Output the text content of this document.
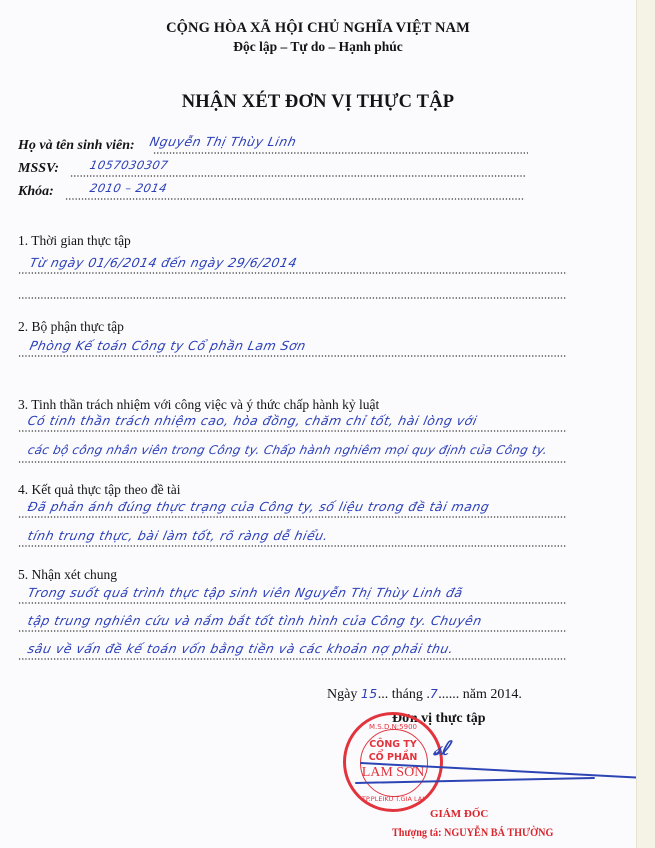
CỘNG HÒA XÃ HỘI CHỦ NGHĨA VIỆT NAM
Độc lập – Tự do – Hạnh phúc
NHẬN XÉT ĐƠN VỊ THỰC TẬP
Họ và tên sinh viên: Nguyễn Thị Thùy Linh
MSSV:	1057030307
Khóa:	2010 – 2014
1. Thời gian thực tập
Từ ngày 01/6/2014 đến ngày 29/6/2014
2. Bộ phận thực tập
Phòng Kế toán Công ty Cổ phần Lam Sơn
3. Tinh thần trách nhiệm với công việc và ý thức chấp hành kỷ luật
Có tinh thần trách nhiệm cao, hòa đồng, chăm chỉ tốt, hài lòng với
các bộ công nhân viên trong Công ty. Chấp hành nghiêm mọi quy định của Công ty.
4. Kết quả thực tập theo đề tài
Đã phản ánh đúng thực trạng của Công ty, số liệu trong đề tài mang
tính trung thực, bài làm tốt, rõ ràng dễ hiểu.
5. Nhận xét chung
Trong suốt quá trình thực tập sinh viên Nguyễn Thị Thùy Linh đã
tập trung nghiên cứu và nắm bắt tốt tình hình của Công ty. Chuyên
sâu về vấn đề kế toán vốn bằng tiền và các khoản nợ phải thu.
Ngày 15... tháng .7...... năm 2014.
Đơn vị thực tập
M.S.D.N:5900
CÔNG TY
CỔ PHẦN
LAM SƠN
TP.PLEIKU T.GIA LAI
𝓈ℓ
GIÁM ĐỐC
Thượng tá: NGUYỄN BÁ THƯỜNG
